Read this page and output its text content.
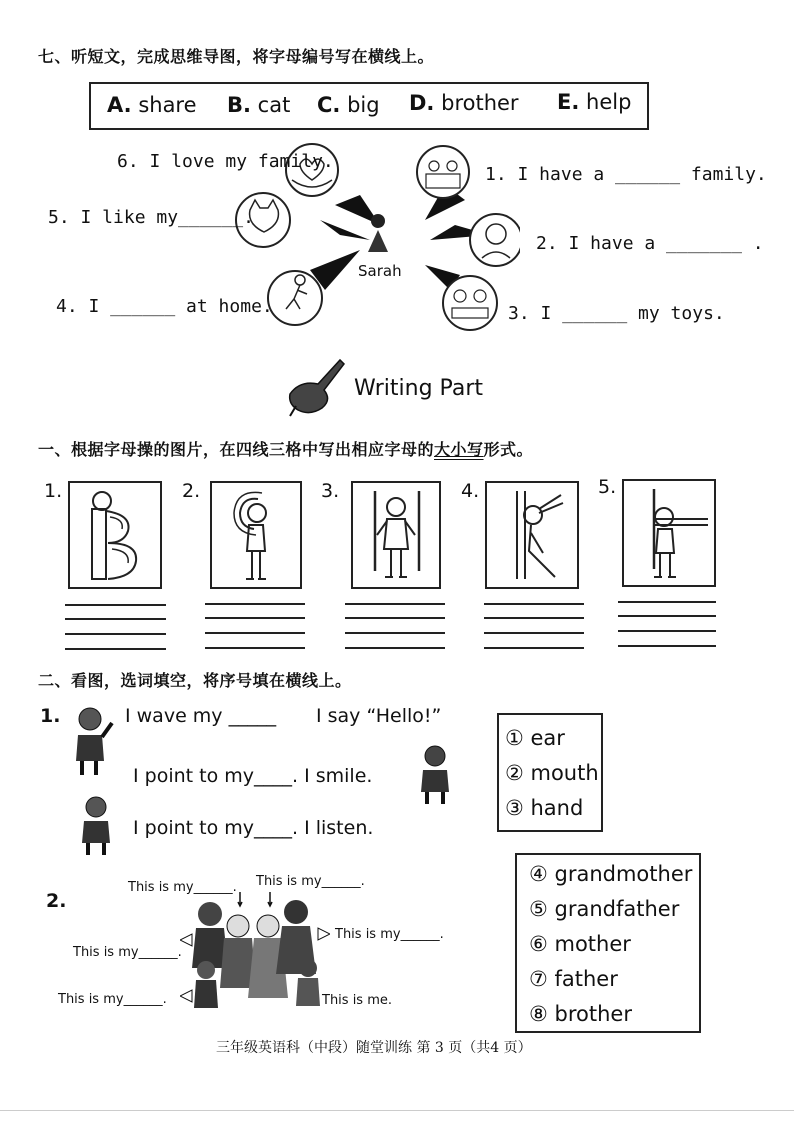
七、听短文，完成思维导图，将字母编号写在横线上。
A. share B. cat C. big D. brother E. help
Sarah
6. I love my family.
5. I like my______.
4. I ______ at home.
1. I have a ______ family.
2. I have a _______ .
3. I ______ my toys.
Writing Part
一、根据字母操的图片，在四线三格中写出相应字母的大小写形式。
1.	2.	3.	4.	5.
二、看图，选词填空，将序号填在横线上。
1.	I wave my _____ I say “Hello!”
I point to my____. I smile.
I point to my____. I listen.
① ear
② mouth
③ hand
2.
This is my______. This is my______.
This is my______.
This is my______.
This is my______.	This is me.
④ grandmother
⑤ grandfather
⑥ mother
⑦ father
⑧ brother
三年级英语科（中段）随堂训练 第 3 页（共4 页）
